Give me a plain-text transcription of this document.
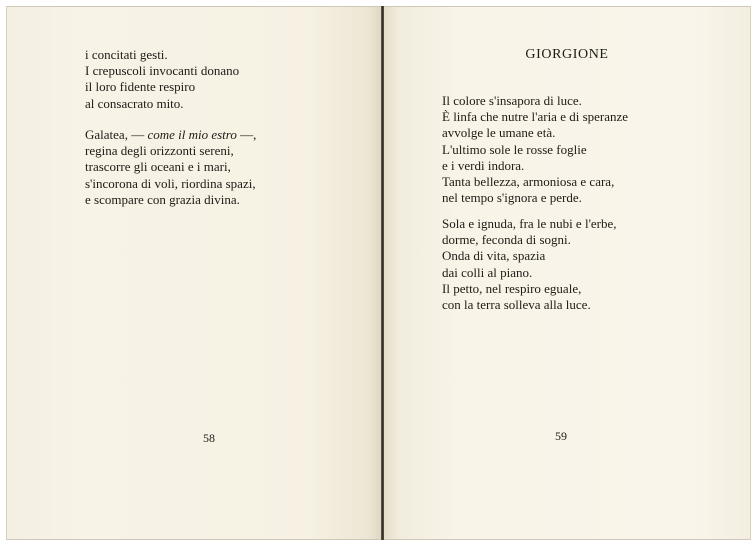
i concitati gesti.
I crepuscoli invocanti donano
il loro fidente respiro
al consacrato mito.
Galatea, — come il mio estro —,
regina degli orizzonti sereni,
trascorre gli oceani e i mari,
s'incorona di voli, riordina spazi,
e scompare con grazia divina.
58
GIORGIONE
Il colore s'insapora di luce.
È linfa che nutre l'aria e di speranze
avvolge le umane età.
L'ultimo sole le rosse foglie
e i verdi indora.
Tanta bellezza, armoniosa e cara,
nel tempo s'ignora e perde.
Sola e ignuda, fra le nubi e l'erbe,
dorme, feconda di sogni.
Onda di vita, spazia
dai colli al piano.
Il petto, nel respiro eguale,
con la terra solleva alla luce.
59
